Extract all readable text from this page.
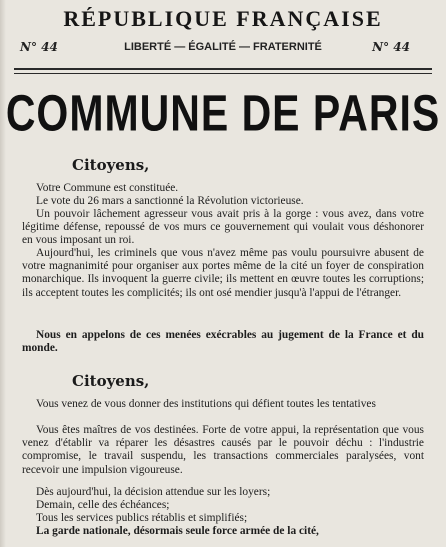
RÉPUBLIQUE FRANÇAISE
N° 44	LIBERTÉ — ÉGALITÉ — FRATERNITÉ	N° 44
COMMUNE DE PARIS
Citoyens,
Votre Commune est constituée.
Le vote du 26 mars a sanctionné la Révolution victorieuse.
Un pouvoir lâchement agresseur vous avait pris à la gorge : vous avez, dans votre légitime défense, repoussé de vos murs ce gouvernement qui voulait vous déshonorer en vous imposant un roi.
Aujourd'hui, les criminels que vous n'avez même pas voulu poursuivre abusent de votre magnanimité pour organiser aux portes même de la cité un foyer de conspiration monarchique. Ils invoquent la guerre civile; ils mettent en œuvre toutes les corruptions; ils acceptent toutes les complicités; ils ont osé mendier jusqu'à l'appui de l'étranger.
Nous en appelons de ces menées exécrables au jugement de la France et du monde.
Citoyens,
Vous venez de vous donner des institutions qui défient toutes les tentatives
Vous êtes maîtres de vos destinées. Forte de votre appui, la représentation que vous venez d'établir va réparer les désastres causés par le pouvoir déchu : l'industrie compromise, le travail suspendu, les transactions commerciales paralysées, vont recevoir une impulsion vigoureuse.
Dès aujourd'hui, la décision attendue sur les loyers;
Demain, celle des échéances;
Tous les services publics rétablis et simplifiés;
La garde nationale, désormais seule force armée de la cité,
